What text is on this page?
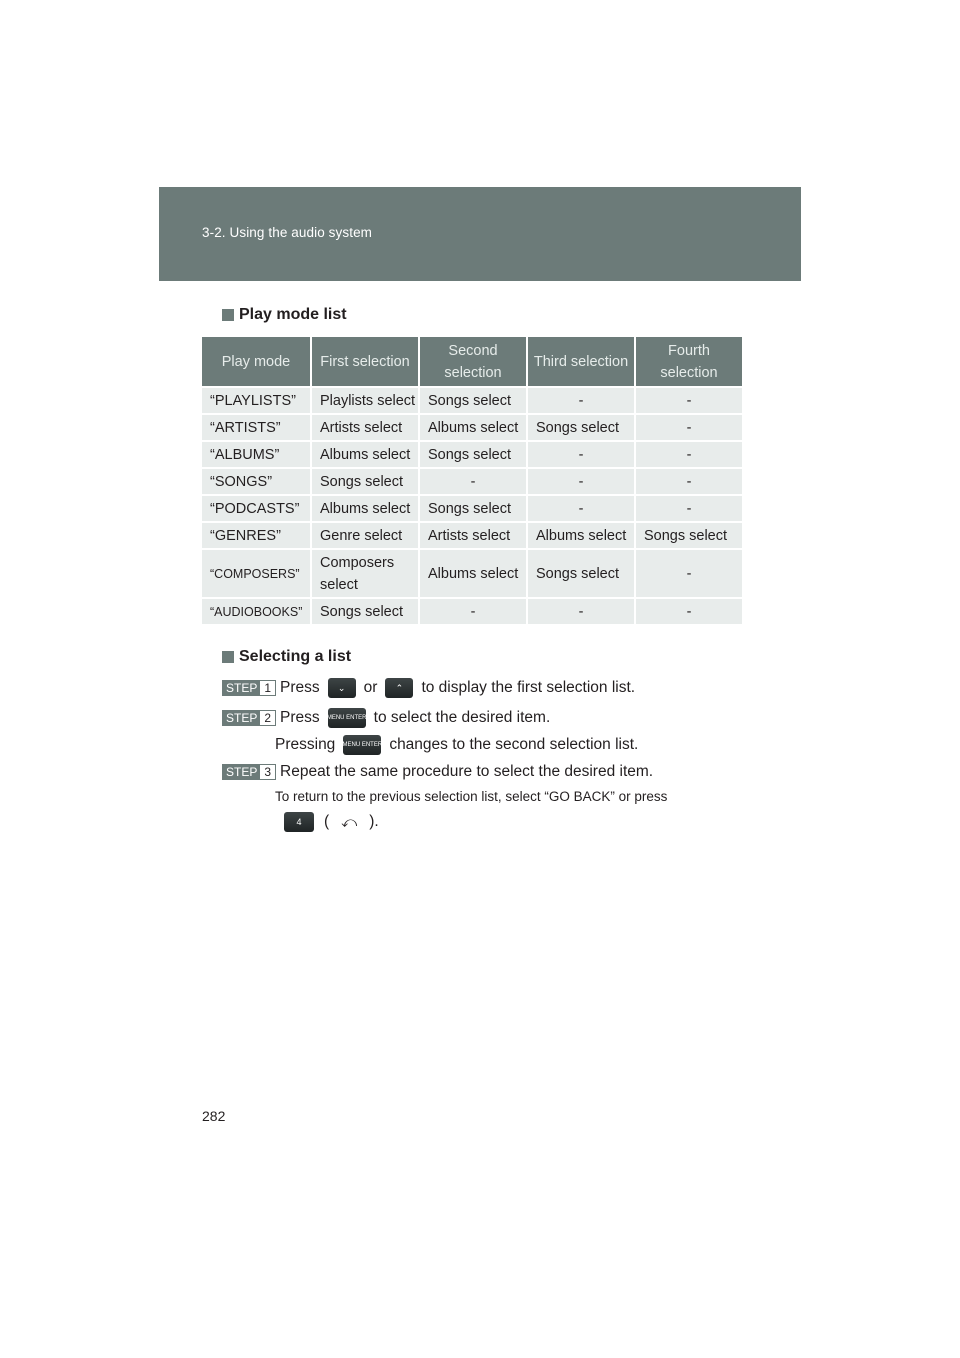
3-2. Using the audio system
Play mode list
Play mode	First selection	Second selection	Third selection	Fourth selection
“PLAYLISTS”	Playlists select	Songs select	-	-
“ARTISTS”	Artists select	Albums select	Songs select	-
“ALBUMS”	Albums select	Songs select	-	-
“SONGS”	Songs select	-	-	-
“PODCASTS”	Albums select	Songs select	-	-
“GENRES”	Genre select	Artists select	Albums select	Songs select
“COMPOSERS”	Composers select	Albums select	Songs select	-
“AUDIOBOOKS”	Songs select	-	-	-
Selecting a list
STEP 1 Press ⌄ or ⌃ to display the first selection list.
STEP 2 Press MENU ENTER to select the desired item.
Pressing MENU ENTER changes to the second selection list.
STEP 3 Repeat the same procedure to select the desired item.
To return to the previous selection list, select “GO BACK” or press
4 ( ⤺ ).
282
